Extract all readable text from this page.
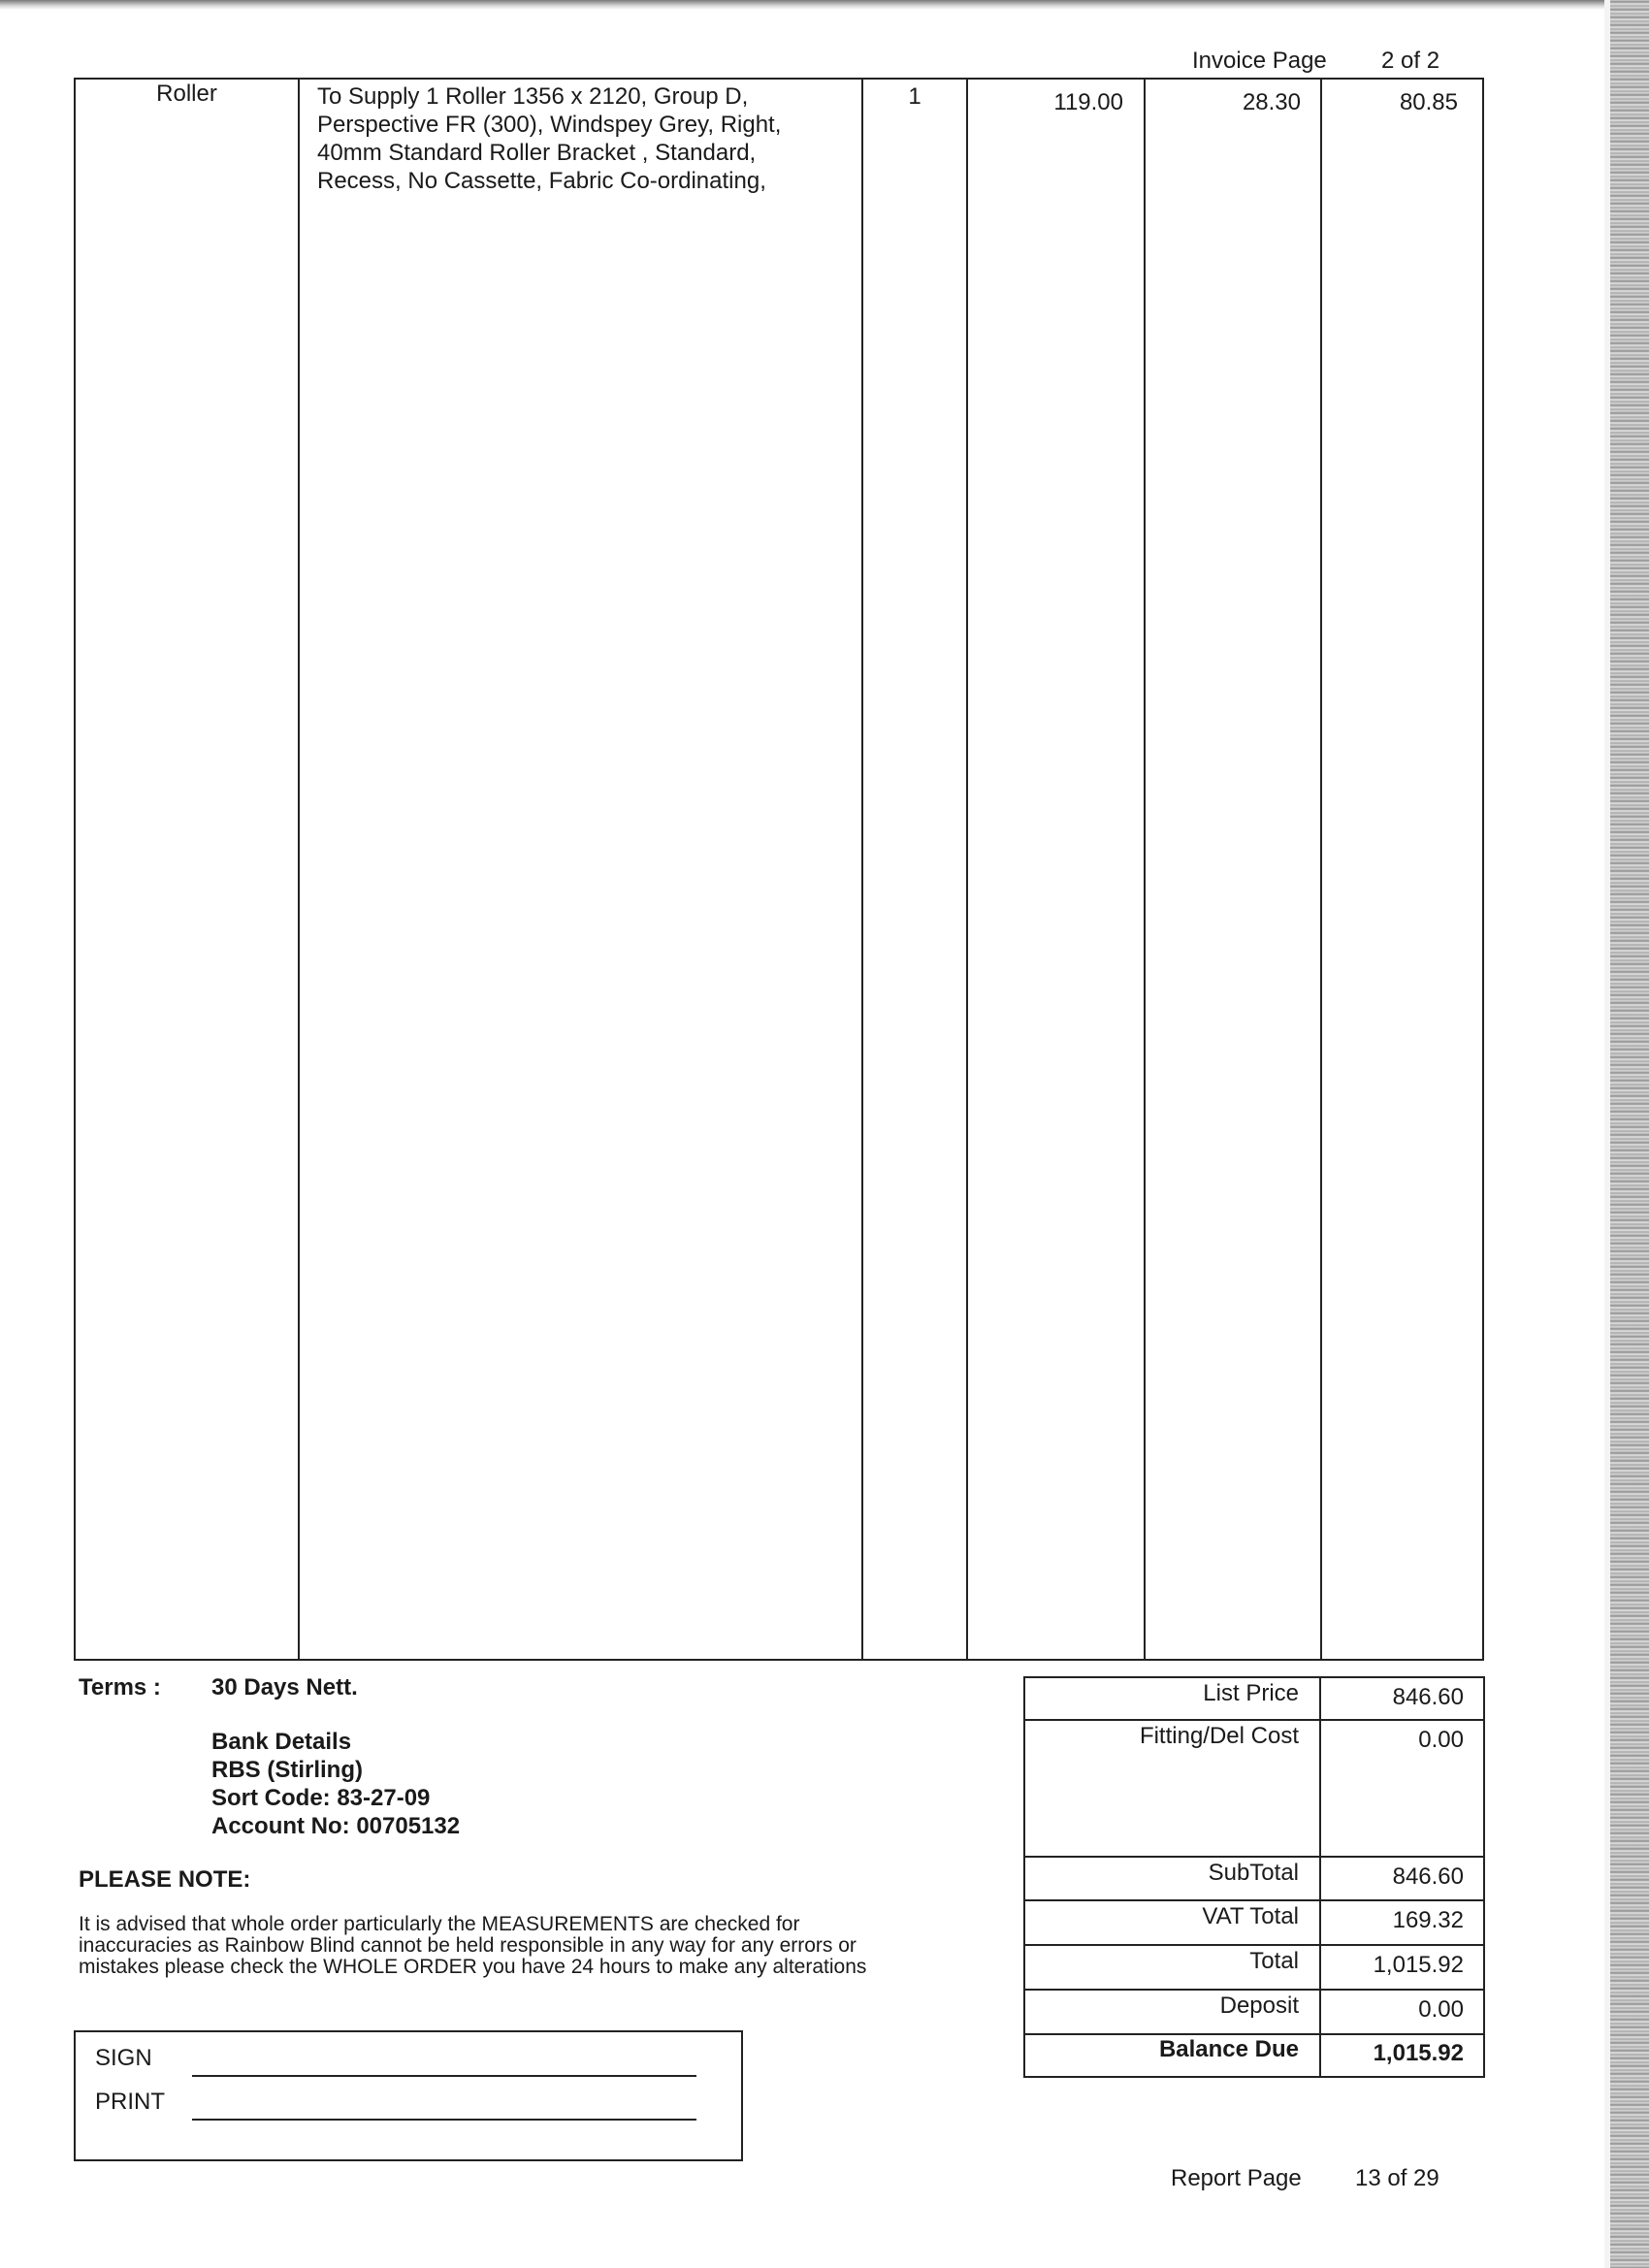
Invoice Page 2 of 2
Roller	To Supply 1 Roller 1356 x 2120, Group D,
Perspective FR (300), Windspey Grey, Right,
40mm Standard Roller Bracket , Standard,
Recess, No Cassette, Fabric Co-ordinating,
1	119.00	28.30	80.85
Terms : 30 Days Nett.
Bank Details
RBS (Stirling)
Sort Code: 83-27-09
Account No: 00705132
PLEASE NOTE:
It is advised that whole order particularly the MEASUREMENTS are checked for
inaccuracies as Rainbow Blind cannot be held responsible in any way for any errors or
mistakes please check the WHOLE ORDER you have 24 hours to make any alterations
List Price	846.60
Fitting/Del Cost	0.00
SubTotal	846.60
VAT Total	169.32
Total	1,015.92
Deposit	0.00
Balance Due	1,015.92
SIGN
PRINT
Report Page 13 of 29
